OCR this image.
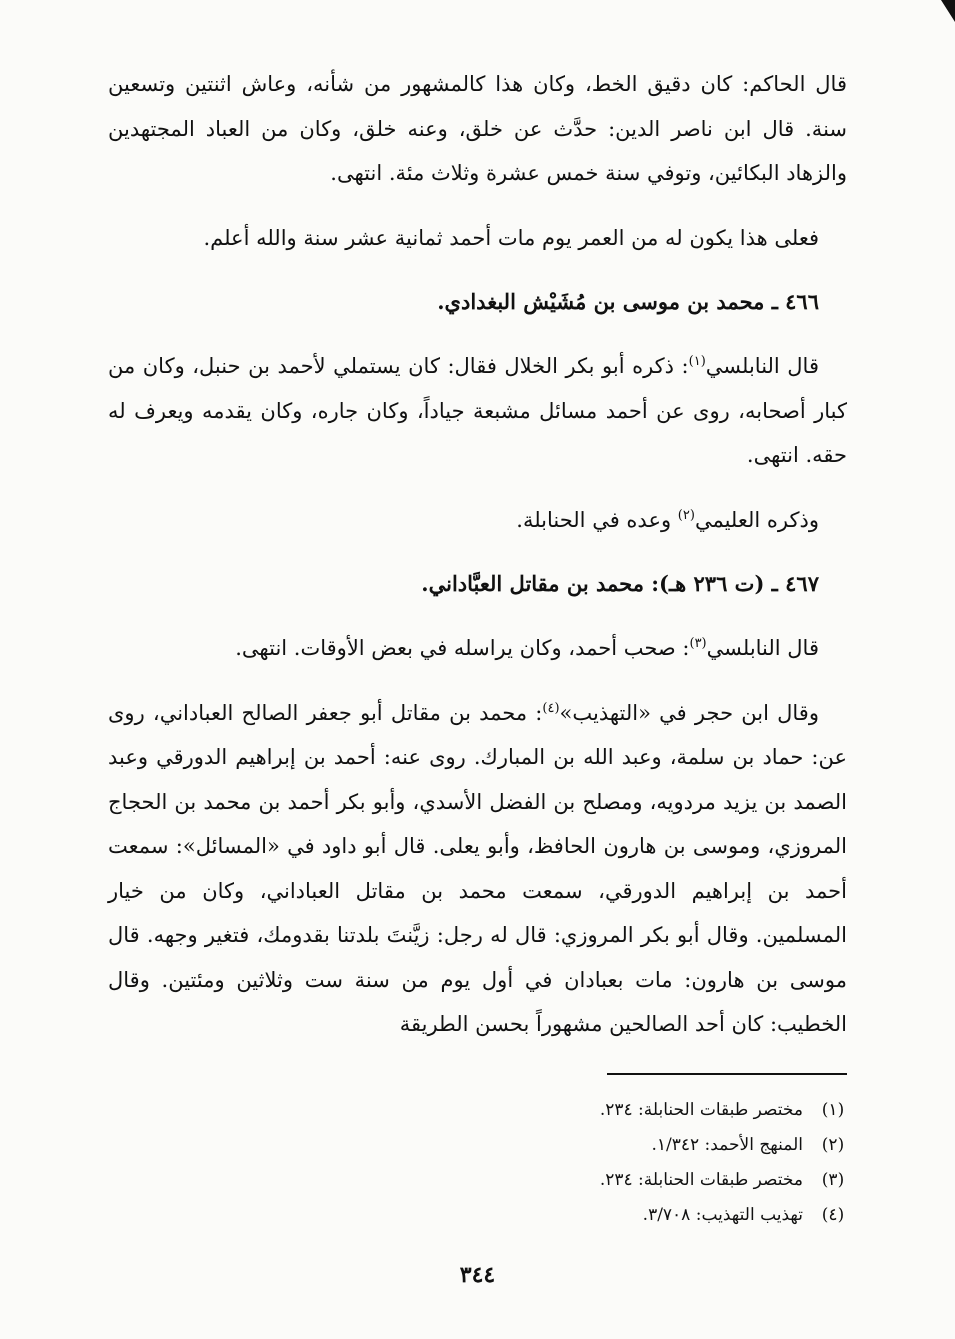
قال الحاكم: كان دقيق الخط، وكان هذا كالمشهور من شأنه، وعاش اثنتين وتسعين سنة. قال ابن ناصر الدين: حدَّث عن خلق، وعنه خلق، وكان من العباد المجتهدين والزهاد البكائين، وتوفي سنة خمس عشرة وثلاث مئة. انتهى.

فعلى هذا يكون له من العمر يوم مات أحمد ثمانية عشر سنة والله أعلم.

٤٦٦ ـ محمد بن موسى بن مُشَيْش البغدادي.

قال النابلسي$^{(١)}$: ذكره أبو بكر الخلال فقال: كان يستملي لأحمد بن حنبل، وكان من كبار أصحابه، روى عن أحمد مسائل مشبعة جياداً، وكان جاره، وكان يقدمه ويعرف له حقه. انتهى.

وذكره العليمي$^{(٢)}$ وعده في الحنابلة.

٤٦٧ ـ (ت ٢٣٦ هـ): محمد بن مقاتل العبَّاداني.

قال النابلسي$^{(٣)}$: صحب أحمد، وكان يراسله في بعض الأوقات. انتهى.

وقال ابن حجر في «التهذيب»$^{(٤)}$: محمد بن مقاتل أبو جعفر الصالح العباداني، روى عن: حماد بن سلمة، وعبد الله بن المبارك. روى عنه: أحمد بن إبراهيم الدورقي وعبد الصمد بن يزيد مردويه، ومصلح بن الفضل الأسدي، وأبو بكر أحمد بن محمد بن الحجاج المروزي، وموسى بن هارون الحافظ، وأبو يعلى. قال أبو داود في «المسائل»: سمعت أحمد بن إبراهيم الدورقي، سمعت محمد بن مقاتل العباداني، وكان من خيار المسلمين. وقال أبو بكر المروزي: قال له رجل: زيَّنتَ بلدتنا بقدومك، فتغير وجهه. قال موسى بن هارون: مات بعبادان في أول يوم من سنة ست وثلاثين ومئتين. وقال الخطيب: كان أحد الصالحين مشهوراً بحسن الطريقة

(١)
مختصر طبقات الحنابلة: ٢٣٤.
(٢)
المنهج الأحمد: ١/٣٤٢.
(٣)
مختصر طبقات الحنابلة: ٢٣٤.
(٤)
تهذيب التهذيب: ٣/٧٠٨.
٣٤٤
